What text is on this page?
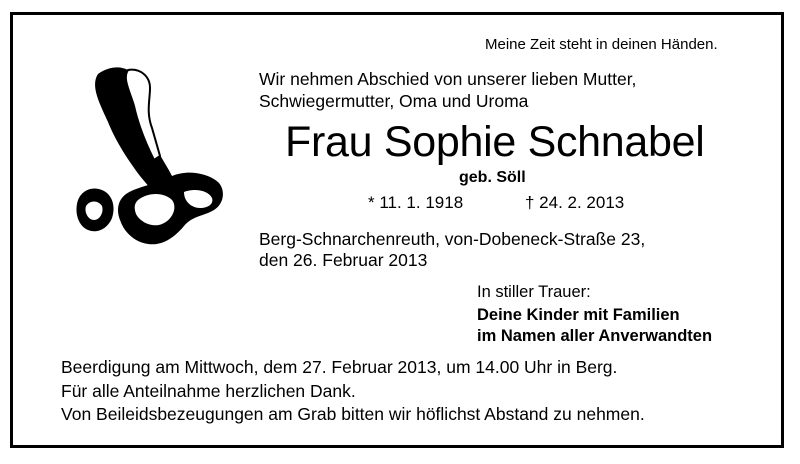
Meine Zeit steht in deinen Händen.
Wir nehmen Abschied von unserer lieben Mutter,
Schwiegermutter, Oma und Uroma
Frau Sophie Schnabel
geb. Söll
* 11. 1. 1918	† 24. 2. 2013
Berg-Schnarchenreuth, von-Dobeneck-Straße 23,
den 26. Februar 2013
In stiller Trauer:
Deine Kinder mit Familien
im Namen aller Anverwandten
Beerdigung am Mittwoch, dem 27. Februar 2013, um 14.00 Uhr in Berg.
Für alle Anteilnahme herzlichen Dank.
Von Beileidsbezeugungen am Grab bitten wir höflichst Abstand zu nehmen.
